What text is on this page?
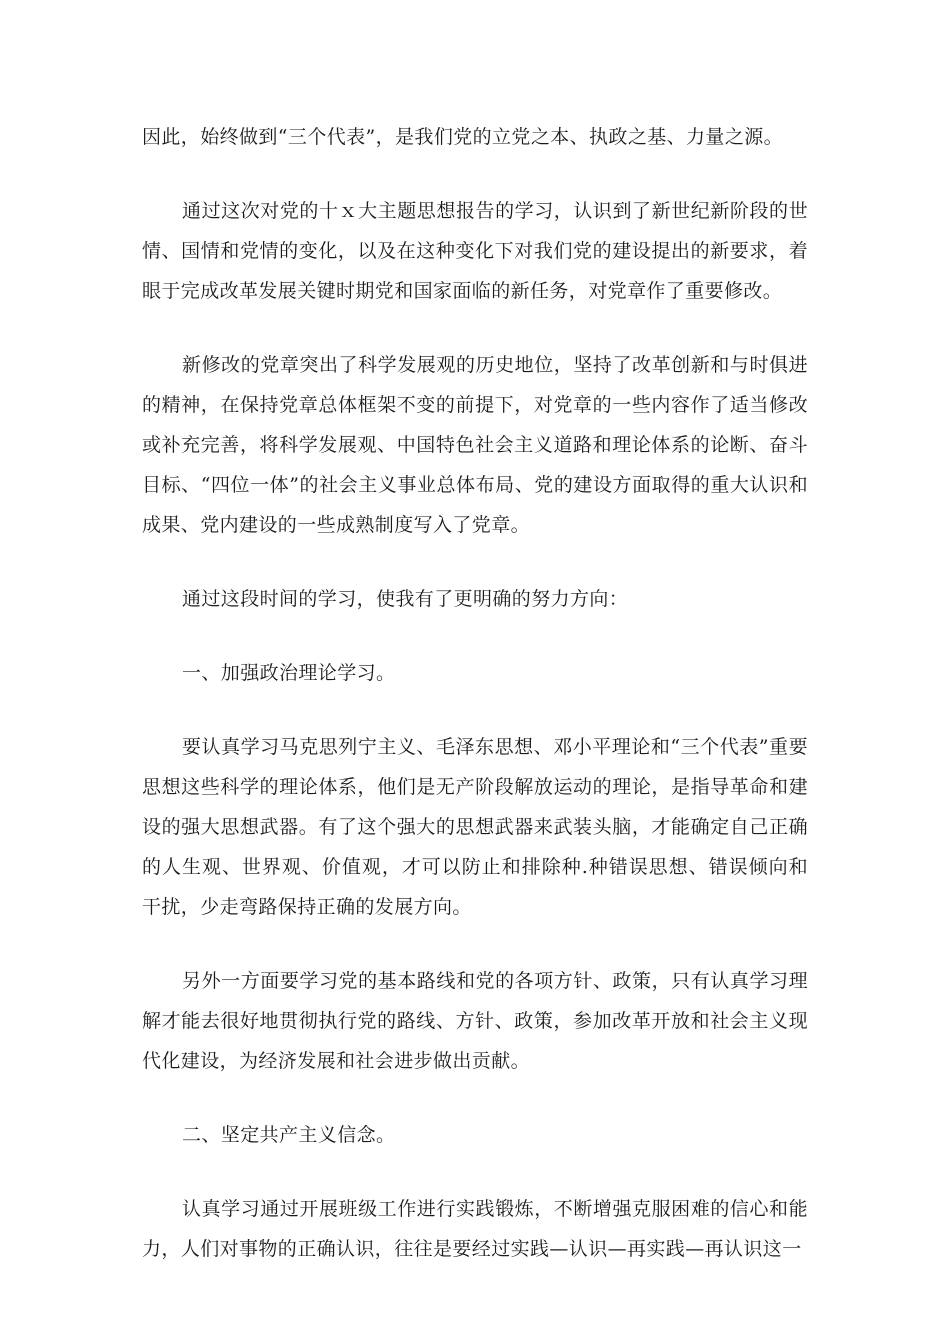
因此，始终做到“三个代表”，是我们党的立党之本、执政之基、力量之源。

通过这次对党的十ｘ大主题思想报告的学习，认识到了新世纪新阶段的世情、国情和党情的变化，以及在这种变化下对我们党的建设提出的新要求，着眼于完成改革发展关键时期党和国家面临的新任务，对党章作了重要修改。

新修改的党章突出了科学发展观的历史地位，坚持了改革创新和与时俱进的精神，在保持党章总体框架不变的前提下，对党章的一些内容作了适当修改或补充完善，将科学发展观、中国特色社会主义道路和理论体系的论断、奋斗目标、“四位一体”的社会主义事业总体布局、党的建设方面取得的重大认识和成果、党内建设的一些成熟制度写入了党章。

通过这段时间的学习，使我有了更明确的努力方向：

一、加强政治理论学习。

要认真学习马克思列宁主义、毛泽东思想、邓小平理论和“三个代表”重要思想这些科学的理论体系，他们是无产阶段解放运动的理论，是指导革命和建设的强大思想武器。有了这个强大的思想武器来武装头脑，才能确定自己正确的人生观、世界观、价值观，才可以防止和排除种.种错误思想、错误倾向和干扰，少走弯路保持正确的发展方向。

另外一方面要学习党的基本路线和党的各项方针、政策，只有认真学习理解才能去很好地贯彻执行党的路线、方针、政策，参加改革开放和社会主义现代化建设，为经济发展和社会进步做出贡献。

二、坚定共产主义信念。

认真学习通过开展班级工作进行实践锻炼，不断增强克服困难的信心和能力，人们对事物的正确认识，往往是要经过实践—认识—再实践—再认识这一
